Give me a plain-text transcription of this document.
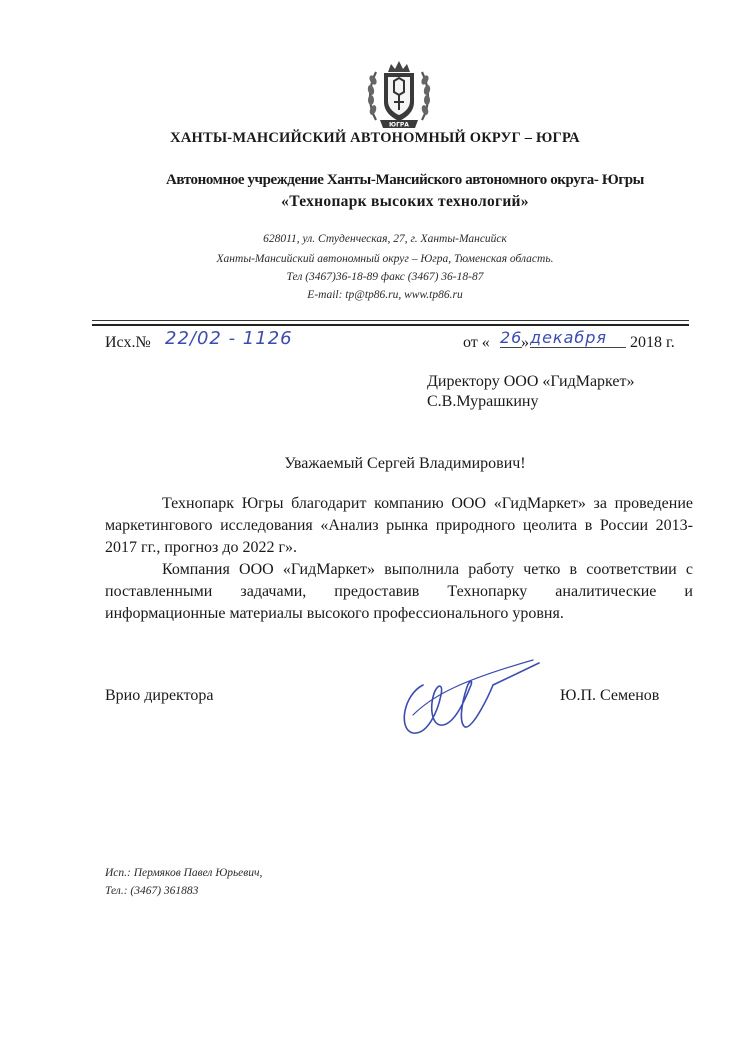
ЮГРА
ХАНТЫ-МАНСИЙСКИЙ АВТОНОМНЫЙ ОКРУГ – ЮГРА
Автономное учреждение Ханты-Мансийского автономного округа- Югры
«Технопарк высоких технологий»
628011, ул. Студенческая, 27, г. Ханты-Мансийск
Ханты-Мансийский автономный округ – Югра, Тюменская область.
Тел (3467)36-18-89 факс (3467) 36-18-87
E-mail: tp@tp86.ru, www.tp86.ru
Исх.№ 22/02 - 1126	от « 26
» декабря	2018 г.
Директору ООО «ГидМаркет»
С.В.Мурашкину
Уважаемый Сергей Владимирович!

Технопарк Югры благодарит компанию ООО «ГидМаркет» за проведение маркетингового исследования «Анализ рынка природного цеолита в России 2013-2017 гг., прогноз до 2022 г».

Компания ООО «ГидМаркет» выполнила работу четко в соответствии с поставленными задачами, предоставив Технопарку аналитические и информационные материалы высокого профессионального уровня.

Врио директора	Ю.П. Семенов
Исп.: Пермяков Павел Юрьевич,
Тел.: (3467) 361883
